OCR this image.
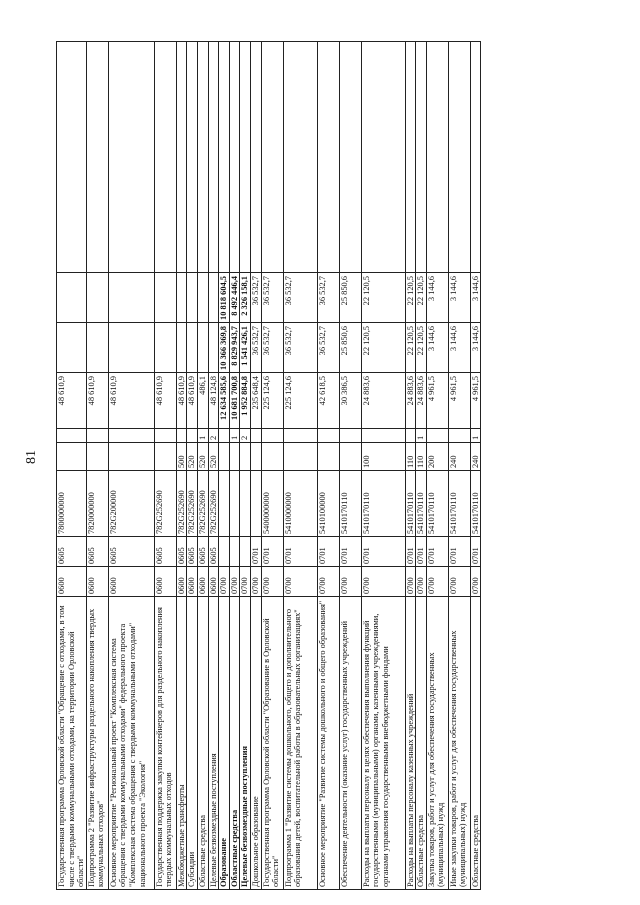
81
Государственная программа Орловской области "Обращение с отходами, в том числе с твердыми коммунальными отходами, на территории Орловской области"	0600	0605	7800000000			48 610,9			
Подпрограмма 2 "Развитие инфраструктуры раздельного накопления твердых коммунальных отходов"	0600	0605	7820000000			48 610,9			
Основное мероприятие "Региональный проект "Комплексная система обращения с твердыми коммунальными отходами" федерального проекта "Комплексная система обращения с твердыми коммунальными отходами" национального проекта "Экология"	0600	0605	782G200000			48 610,9			
Государственная поддержка закупки контейнеров для раздельного накопления твердых коммунальных отходов	0600	0605	782G252690			48 610,9			
Межбюджетные трансферты	0600	0605	782G252690	500		48 610,9			
Субсидии	0600	0605	782G252690	520		48 610,9			
Областные средства	0600	0605	782G252690	520	1	486,1			
Целевые безвозмездные поступления	0600	0605	782G252690	520	2	48 124,8			
Образование	0700					12 634 585,6	10 366 369,8	10 818 604,5	
Областные средства	0700				1	10 681 700,8	8 829 943,7	8 492 446,4	
Целевые безвозмездные поступления	0700				2	1 952 884,8	1 541 426,1	2 326 158,1	
Дошкольное образование	0700	0701				235 648,4	36 532,7	36 532,7	
Государственная программа Орловской области "Образование в Орловской области"	0700	0701	5400000000			225 124,6	36 532,7	36 532,7	
Подпрограмма 1 "Развитие системы дошкольного, общего и дополнительного образования детей, воспитательной работы в образовательных организациях"	0700	0701	5410000000			225 124,6	36 532,7	36 532,7	
Основное мероприятие "Развитие системы дошкольного и общего образования"	0700	0701	5410100000			42 618,5	36 532,7	36 532,7	
Обеспечение деятельности (оказание услуг) государственных учреждений	0700	0701	5410170110			30 386,5	25 850,6	25 850,6	
Расходы на выплаты персоналу в целях обеспечения выполнения функций государственными (муниципальными) органами, казенными учреждениями, органами управления государственными внебюджетными фондами	0700	0701	5410170110	100		24 883,6	22 120,5	22 120,5	
Расходы на выплаты персоналу казенных учреждений	0700	0701	5410170110	110		24 883,6	22 120,5	22 120,5	
Областные средства	0700	0701	5410170110	110	1	24 883,6	22 120,5	22 120,5	
Закупка товаров, работ и услуг для обеспечения государственных (муниципальных) нужд	0700	0701	5410170110	200		4 961,5	3 144,6	3 144,6	
Иные закупки товаров, работ и услуг для обеспечения государственных (муниципальных) нужд	0700	0701	5410170110	240		4 961,5	3 144,6	3 144,6	
Областные средства	0700	0701	5410170110	240	1	4 961,5	3 144,6	3 144,6	
